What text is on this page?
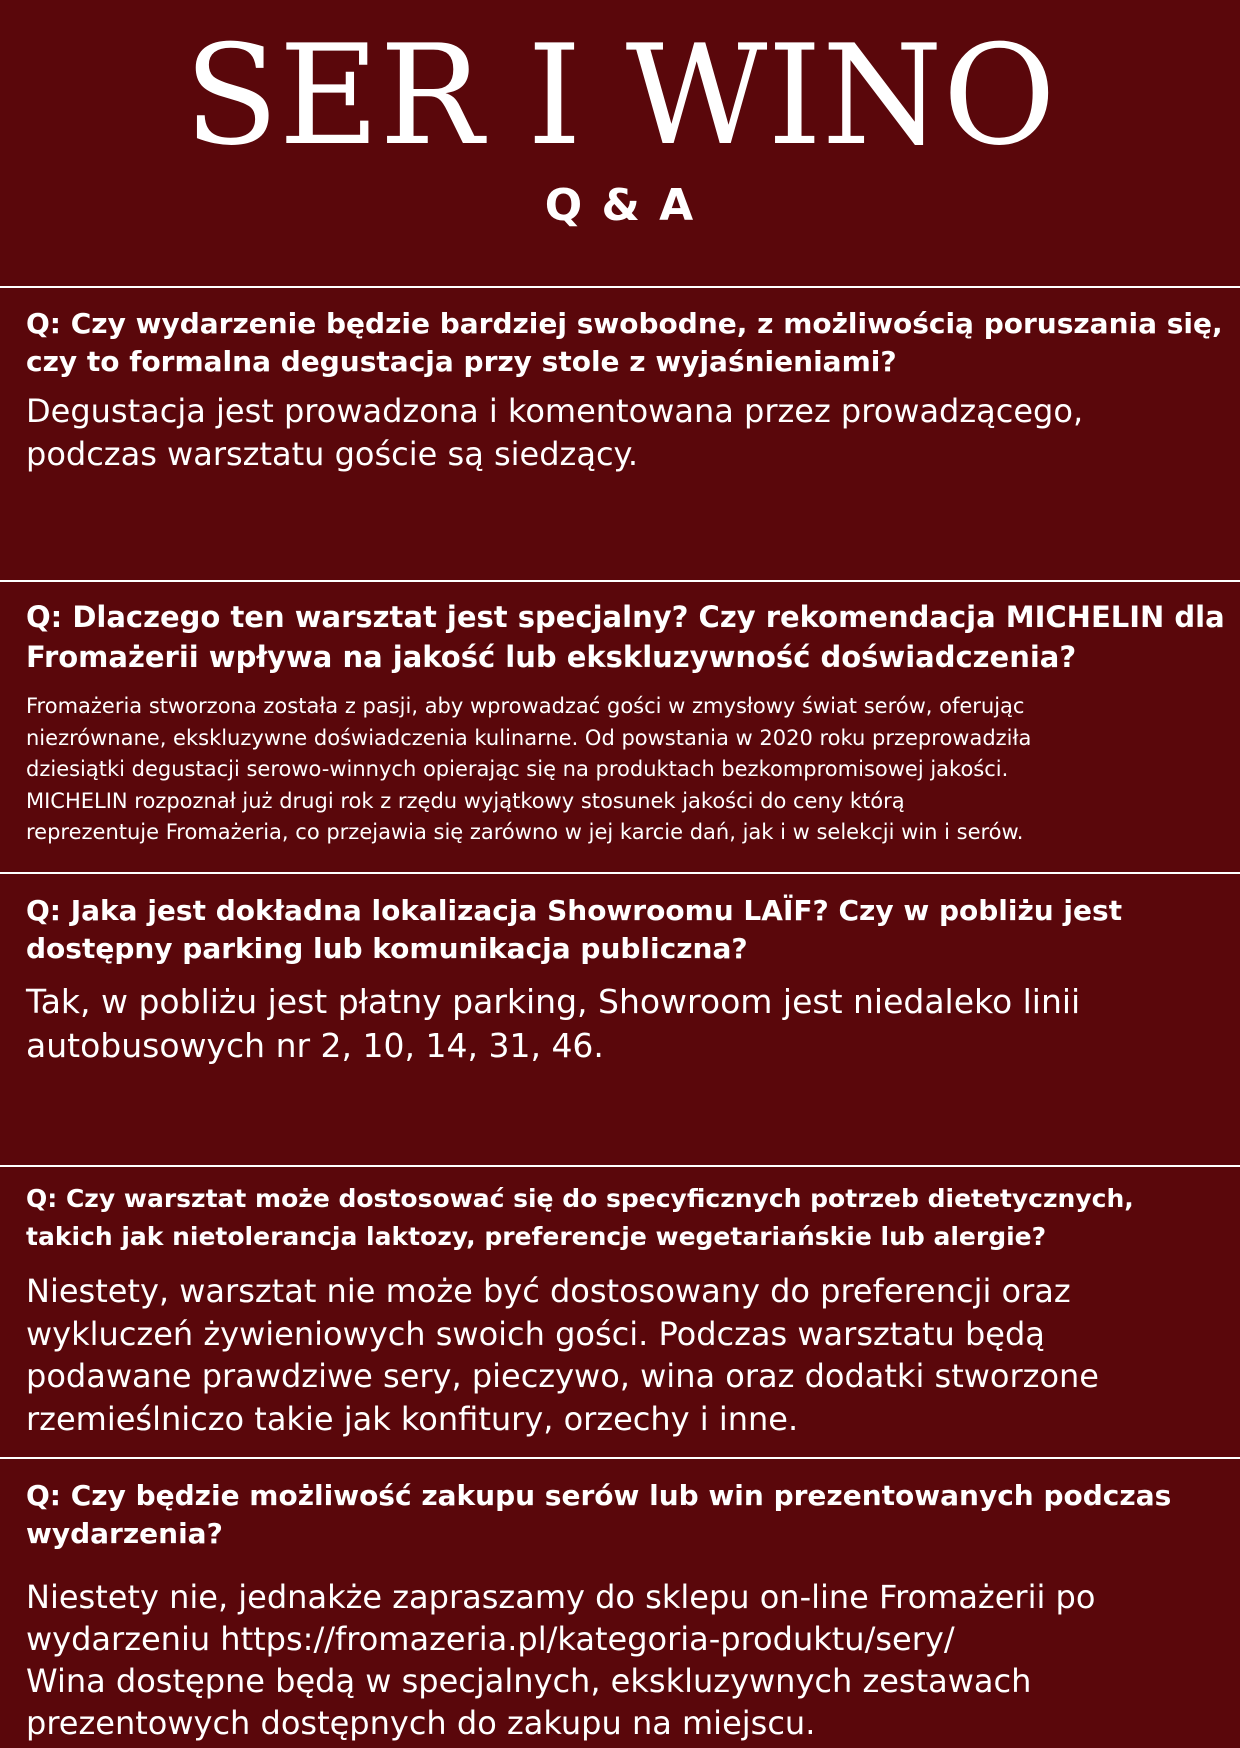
SER I WINO
Q & A

Q: Czy wydarzenie będzie bardziej swobodne, z możliwością poruszania się, czy to formalna degustacja przy stole z wyjaśnieniami?

Degustacja jest prowadzona i komentowana przez prowadzącego,
podczas warsztatu goście są siedzący.

Q: Dlaczego ten warsztat jest specjalny? Czy rekomendacja MICHELIN dla Fromażerii wpływa na jakość lub ekskluzywność doświadczenia?

Fromażeria stworzona została z pasji, aby wprowadzać gości w zmysłowy świat serów, oferując
niezrównane, ekskluzywne doświadczenia kulinarne. Od powstania w 2020 roku przeprowadziła
dziesiątki degustacji serowo-winnych opierając się na produktach bezkompromisowej jakości.
MICHELIN rozpoznał już drugi rok z rzędu wyjątkowy stosunek jakości do ceny którą
reprezentuje Fromażeria, co przejawia się zarówno w jej karcie dań, jak i w selekcji win i serów.

Q: Jaka jest dokładna lokalizacja Showroomu LAÏF? Czy w pobliżu jest dostępny parking lub komunikacja publiczna?

Tak, w pobliżu jest płatny parking, Showroom jest niedaleko linii
autobusowych nr 2, 10, 14, 31, 46.

Q: Czy warsztat może dostosować się do specyficznych potrzeb dietetycznych, takich jak nietolerancja laktozy, preferencje wegetariańskie lub alergie?

Niestety, warsztat nie może być dostosowany do preferencji oraz
wykluczeń żywieniowych swoich gości. Podczas warsztatu będą
podawane prawdziwe sery, pieczywo, wina oraz dodatki stworzone
rzemieślniczo takie jak konfitury, orzechy i inne.

Q: Czy będzie możliwość zakupu serów lub win prezentowanych podczas wydarzenia?

Niestety nie, jednakże zapraszamy do sklepu on-line Fromażerii po
wydarzeniu https://fromazeria.pl/kategoria-produktu/sery/
Wina dostępne będą w specjalnych, ekskluzywnych zestawach
prezentowych dostępnych do zakupu na miejscu.
